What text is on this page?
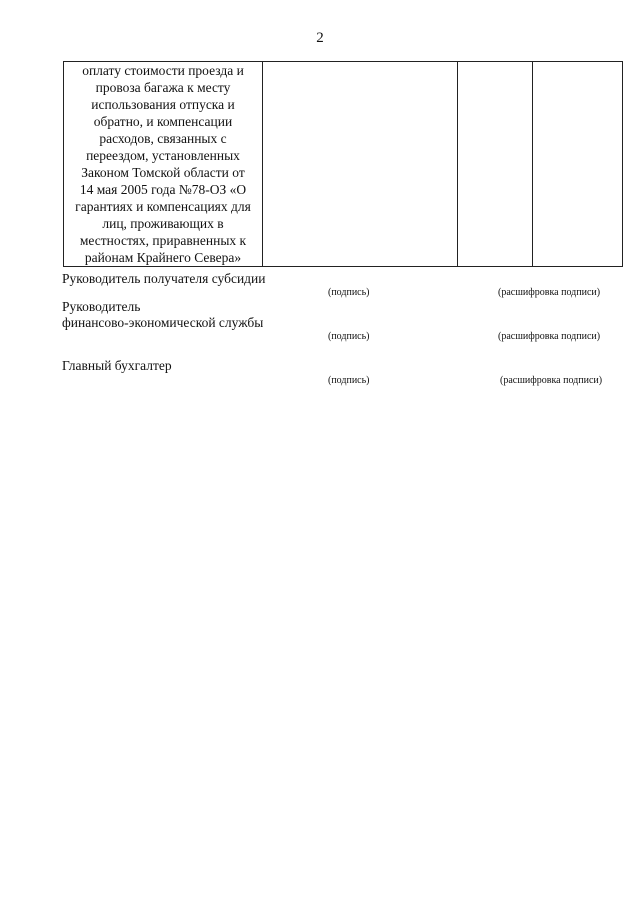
2
оплату стоимости проезда и
провоза багажа к месту
использования отпуска и
обратно, и компенсации
расходов, связанных с
переездом, установленных
Законом Томской области от
14 мая 2005 года №78-ОЗ «О
гарантиях и компенсациях для
лиц, проживающих в
местностях, приравненных к
районам Крайнего Севера»

Руководитель получателя субсидии
(подпись)	(расшифровка подписи)
Руководитель
финансово-экономической службы
(подпись)	(расшифровка подписи)
Главный бухгалтер
(подпись)	(расшифровка подписи)
